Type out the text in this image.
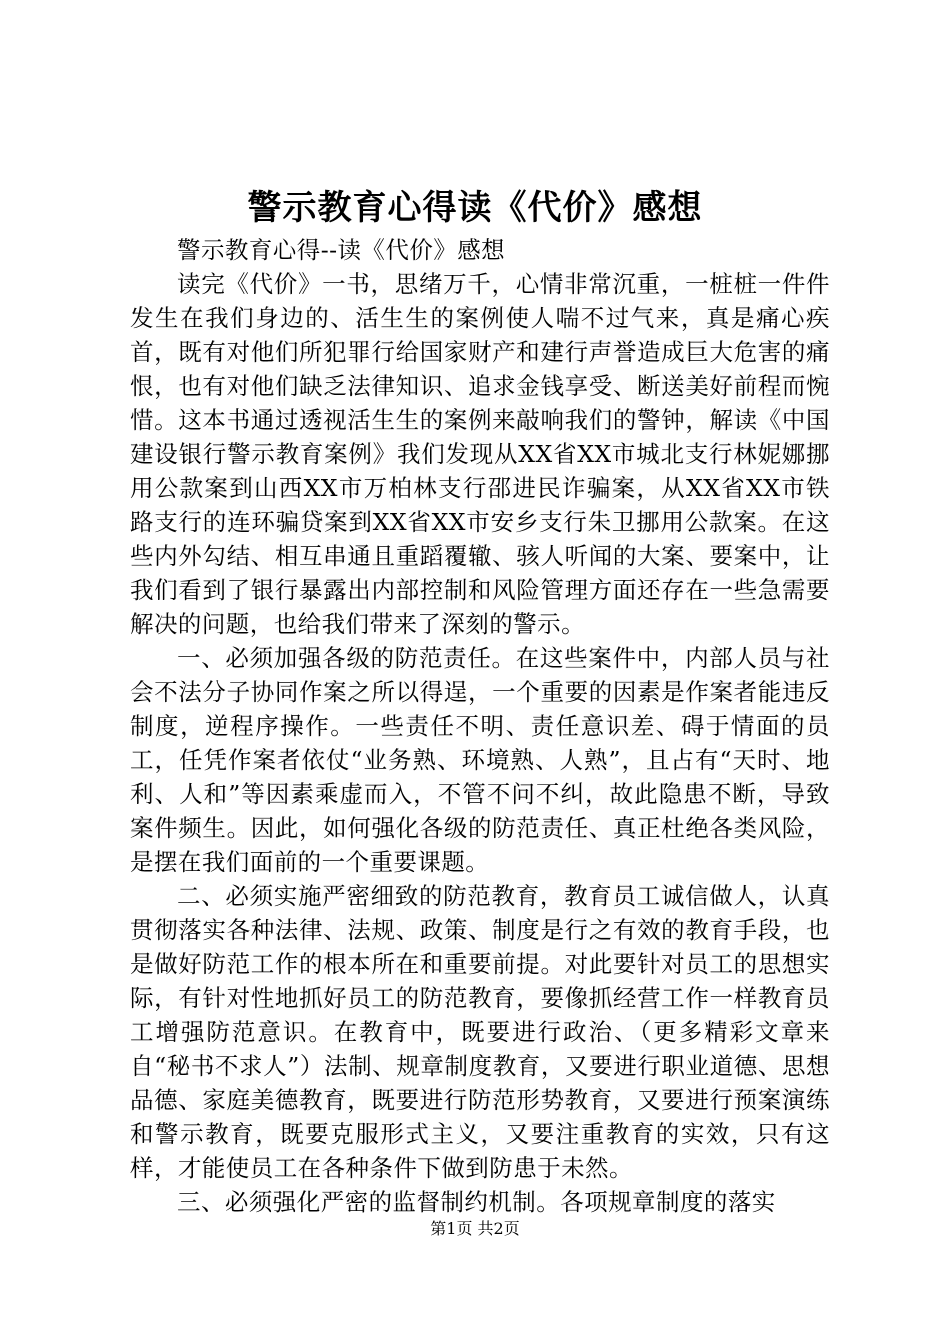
警示教育心得读《代价》感想

警示教育心得--读《代价》感想

读完《代价》一书，思绪万千，心情非常沉重，一桩桩一件件发生在我们身边的、活生生的案例使人喘不过气来，真是痛心疾首，既有对他们所犯罪行给国家财产和建行声誉造成巨大危害的痛恨，也有对他们缺乏法律知识、追求金钱享受、断送美好前程而惋惜。这本书通过透视活生生的案例来敲响我们的警钟，解读《中国建设银行警示教育案例》我们发现从XX省XX市城北支行林妮娜挪用公款案到山西XX市万柏林支行邵进民诈骗案，从XX省XX市铁路支行的连环骗贷案到XX省XX市安乡支行朱卫挪用公款案。在这些内外勾结、相互串通且重蹈覆辙、骇人听闻的大案、要案中，让我们看到了银行暴露出内部控制和风险管理方面还存在一些急需要解决的问题，也给我们带来了深刻的警示。

一、必须加强各级的防范责任。在这些案件中，内部人员与社会不法分子协同作案之所以得逞，一个重要的因素是作案者能违反制度，逆程序操作。一些责任不明、责任意识差、碍于情面的员工，任凭作案者依仗“业务熟、环境熟、人熟”，且占有“天时、地利、人和”等因素乘虚而入，不管不问不纠，故此隐患不断，导致案件频生。因此，如何强化各级的防范责任、真正杜绝各类风险，是摆在我们面前的一个重要课题。

二、必须实施严密细致的防范教育，教育员工诚信做人，认真贯彻落实各种法律、法规、政策、制度是行之有效的教育手段，也是做好防范工作的根本所在和重要前提。对此要针对员工的思想实际，有针对性地抓好员工的防范教育，要像抓经营工作一样教育员工增强防范意识。在教育中，既要进行政治、（更多精彩文章来自“秘书不求人”）法制、规章制度教育，又要进行职业道德、思想品德、家庭美德教育，既要进行防范形势教育，又要进行预案演练和警示教育，既要克服形式主义，又要注重教育的实效，只有这样，才能使员工在各种条件下做到防患于未然。

三、必须强化严密的监督制约机制。各项规章制度的落实

第1页 共2页
